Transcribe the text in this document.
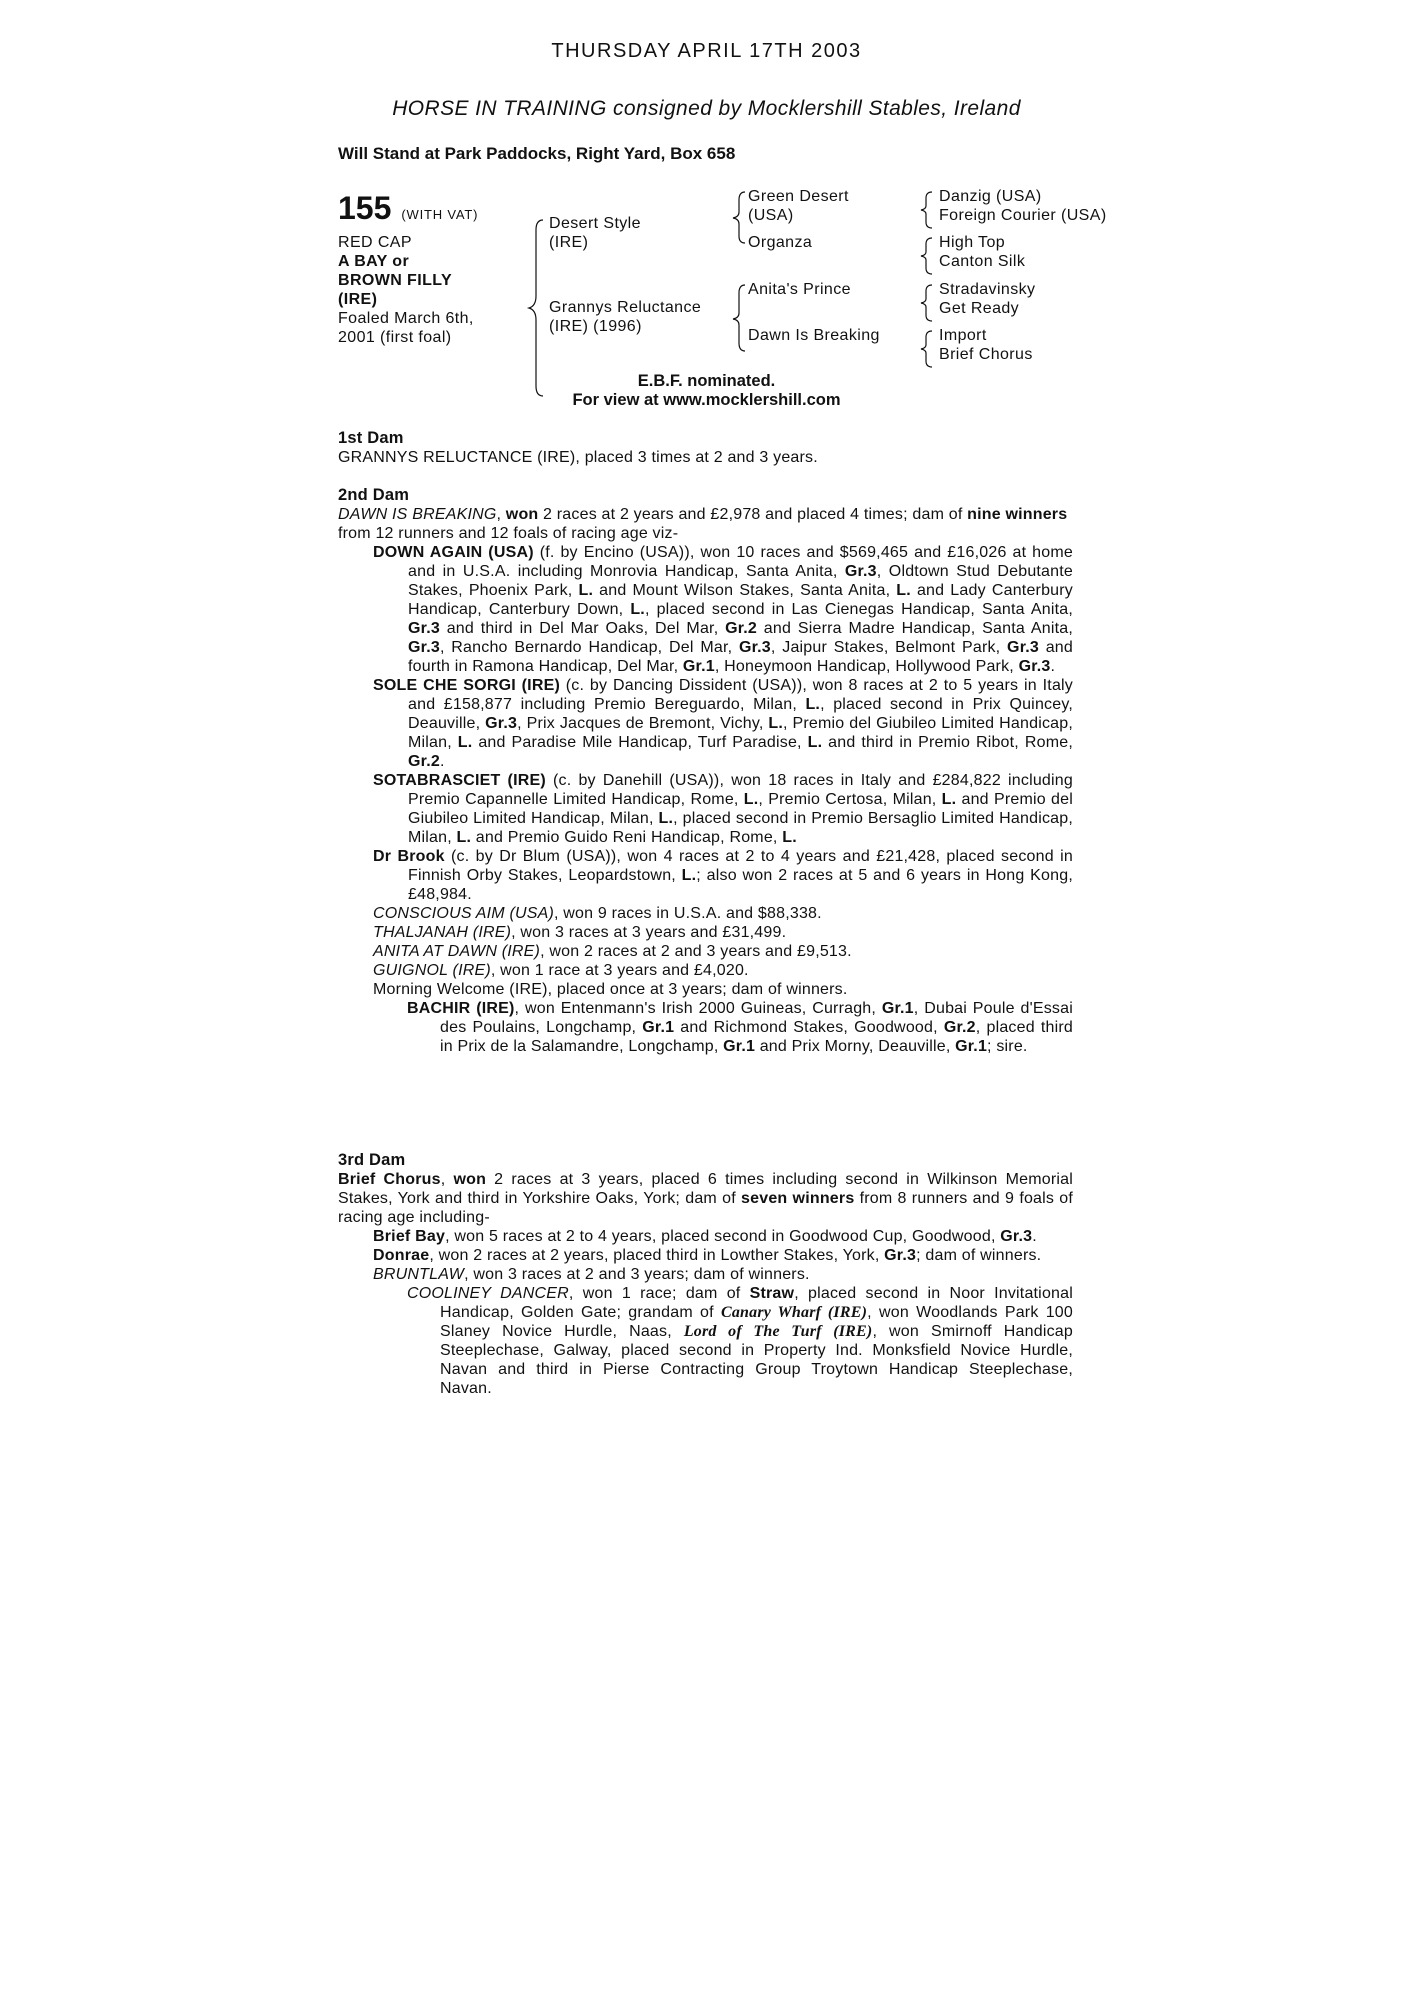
THURSDAY APRIL 17TH 2003
HORSE IN TRAINING consigned by Mocklershill Stables, Ireland
Will Stand at Park Paddocks, Right Yard, Box 658
155 (WITH VAT)
RED CAP
A BAY or BROWN FILLY (IRE)
Foaled March 6th, 2001 (first foal)
Desert Style (IRE)
Grannys Reluctance (IRE) (1996)
Green Desert (USA)
Organza
Anita's Prince
Dawn Is Breaking
Danzig (USA)
Foreign Courier (USA)
High Top
Canton Silk
Stradavinsky
Get Ready
Import
Brief Chorus
E.B.F. nominated.
For view at www.mocklershill.com
1st Dam
GRANNYS RELUCTANCE (IRE), placed 3 times at 2 and 3 years.
2nd Dam
DAWN IS BREAKING, won 2 races at 2 years and £2,978 and placed 4 times; dam of nine winners from 12 runners and 12 foals of racing age viz-
DOWN AGAIN (USA) (f. by Encino (USA)), won 10 races and $569,465 and £16,026 at home and in U.S.A. including Monrovia Handicap, Santa Anita, Gr.3, Oldtown Stud Debutante Stakes, Phoenix Park, L. and Mount Wilson Stakes, Santa Anita, L. and Lady Canterbury Handicap, Canterbury Down, L., placed second in Las Cienegas Handicap, Santa Anita, Gr.3 and third in Del Mar Oaks, Del Mar, Gr.2 and Sierra Madre Handicap, Santa Anita, Gr.3, Rancho Bernardo Handicap, Del Mar, Gr.3, Jaipur Stakes, Belmont Park, Gr.3 and fourth in Ramona Handicap, Del Mar, Gr.1, Honeymoon Handicap, Hollywood Park, Gr.3.
SOLE CHE SORGI (IRE) (c. by Dancing Dissident (USA)), won 8 races at 2 to 5 years in Italy and £158,877 including Premio Bereguardo, Milan, L., placed second in Prix Quincey, Deauville, Gr.3, Prix Jacques de Bremont, Vichy, L., Premio del Giubileo Limited Handicap, Milan, L. and Paradise Mile Handicap, Turf Paradise, L. and third in Premio Ribot, Rome, Gr.2.
SOTABRASCIET (IRE) (c. by Danehill (USA)), won 18 races in Italy and £284,822 including Premio Capannelle Limited Handicap, Rome, L., Premio Certosa, Milan, L. and Premio del Giubileo Limited Handicap, Milan, L., placed second in Premio Bersaglio Limited Handicap, Milan, L. and Premio Guido Reni Handicap, Rome, L.
Dr Brook (c. by Dr Blum (USA)), won 4 races at 2 to 4 years and £21,428, placed second in Finnish Orby Stakes, Leopardstown, L.; also won 2 races at 5 and 6 years in Hong Kong, £48,984.
CONSCIOUS AIM (USA), won 9 races in U.S.A. and $88,338.
THALJANAH (IRE), won 3 races at 3 years and £31,499.
ANITA AT DAWN (IRE), won 2 races at 2 and 3 years and £9,513.
GUIGNOL (IRE), won 1 race at 3 years and £4,020.
Morning Welcome (IRE), placed once at 3 years; dam of winners.
BACHIR (IRE), won Entenmann's Irish 2000 Guineas, Curragh, Gr.1, Dubai Poule d'Essai des Poulains, Longchamp, Gr.1 and Richmond Stakes, Goodwood, Gr.2, placed third in Prix de la Salamandre, Longchamp, Gr.1 and Prix Morny, Deauville, Gr.1; sire.
3rd Dam
Brief Chorus, won 2 races at 3 years, placed 6 times including second in Wilkinson Memorial Stakes, York and third in Yorkshire Oaks, York; dam of seven winners from 8 runners and 9 foals of racing age including-
Brief Bay, won 5 races at 2 to 4 years, placed second in Goodwood Cup, Goodwood, Gr.3.
Donrae, won 2 races at 2 years, placed third in Lowther Stakes, York, Gr.3; dam of winners.
BRUNTLAW, won 3 races at 2 and 3 years; dam of winners.
COOLINEY DANCER, won 1 race; dam of Straw, placed second in Noor Invitational Handicap, Golden Gate; grandam of Canary Wharf (IRE), won Woodlands Park 100 Slaney Novice Hurdle, Naas, Lord of The Turf (IRE), won Smirnoff Handicap Steeplechase, Galway, placed second in Property Ind. Monksfield Novice Hurdle, Navan and third in Pierse Contracting Group Troytown Handicap Steeplechase, Navan.
